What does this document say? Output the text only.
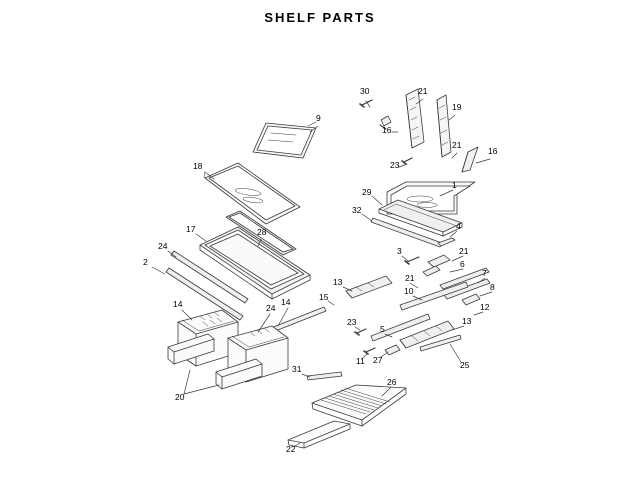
SHELF PARTS
30	21
19
16
21
16
18	23
9
1
29
32
4
17	28
24	3	21
6
2
7
21
8
13
10
15
24	12
14
5
13
23
14
11 27	25
31
26
20
22
